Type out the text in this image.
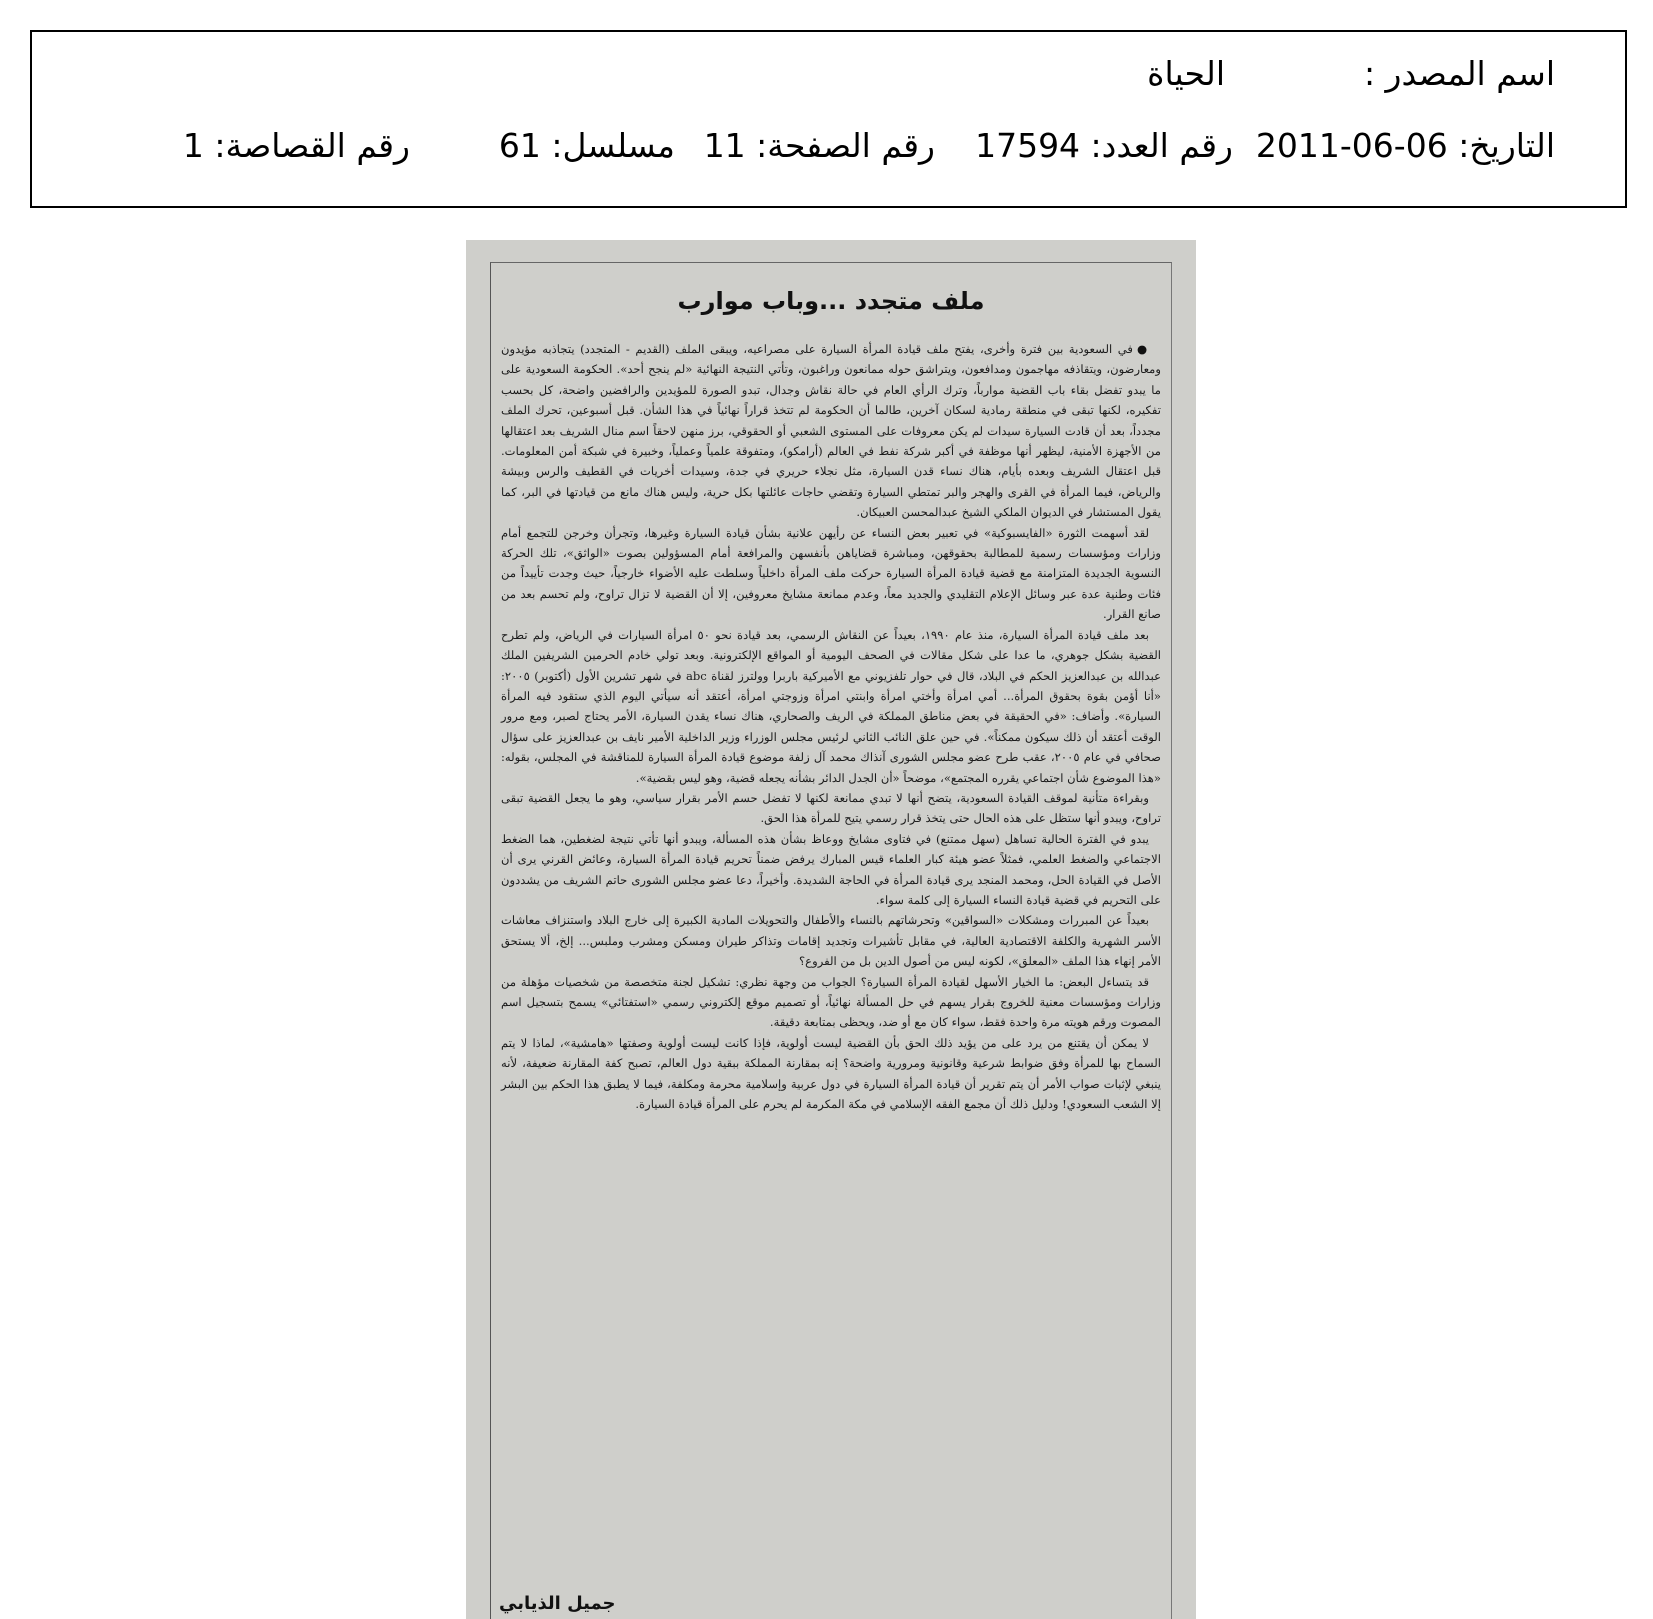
اسم المصدر :
الحياة
التاريخ: 06-06-2011
رقم العدد: 17594
رقم الصفحة: 11
مسلسل: 61
رقم القصاصة: 1
ملف متجدد ...وباب موارب

●في السعودية بين فترة وأخرى، يفتح ملف قيادة المرأة السيارة على مصراعيه، ويبقى الملف (القديم - المتجدد) يتجاذبه مؤيدون ومعارضون، ويتقاذفه مهاجمون ومدافعون، ويتراشق حوله ممانعون وراغبون، وتأتي النتيجة النهائية «لم ينجح أحد». الحكومة السعودية على ما يبدو تفضل بقاء باب القضية موارباً، وترك الرأي العام في حالة نقاش وجدال، تبدو الصورة للمؤيدين والرافضين واضحة، كل بحسب تفكيره، لكنها تبقى في منطقة رمادية لسكان آخرين، طالما أن الحكومة لم تتخذ قراراً نهائياً في هذا الشأن. قبل أسبوعين، تحرك الملف مجدداً، بعد أن قادت السيارة سيدات لم يكن معروفات على المستوى الشعبي أو الحقوقي، برز منهن لاحقاً اسم منال الشريف بعد اعتقالها من الأجهزة الأمنية، ليظهر أنها موظفة في أكبر شركة نفط في العالم (أرامكو)، ومتفوقة علمياً وعملياً، وخبيرة في شبكة أمن المعلومات. قبل اعتقال الشريف وبعده بأيام، هناك نساء قدن السيارة، مثل نجلاء حريري في جدة، وسيدات أخريات في القطيف والرس وبيشة والرياض، فيما المرأة في القرى والهجر والبر تمتطي السيارة وتقضي حاجات عائلتها بكل حرية، وليس هناك مانع من قيادتها في البر، كما يقول المستشار في الديوان الملكي الشيخ عبدالمحسن العبيكان.

لقد أسهمت الثورة «الفايسبوكية» في تعبير بعض النساء عن رأيهن علانية بشأن قيادة السيارة وغيرها، وتجرأن وخرجن للتجمع أمام وزارات ومؤسسات رسمية للمطالبة بحقوقهن، ومباشرة قضاياهن بأنفسهن والمرافعة أمام المسؤولين بصوت «الواثق»، تلك الحركة النسوية الجديدة المتزامنة مع قضية قيادة المرأة السيارة حركت ملف المرأة داخلياً وسلطت عليه الأضواء خارجياً، حيث وجدت تأييداً من فئات وطنية عدة عبر وسائل الإعلام التقليدي والجديد معاً، وعدم ممانعة مشايخ معروفين، إلا أن القضية لا تزال تراوح، ولم تحسم بعد من صانع القرار.

بعد ملف قيادة المرأة السيارة، منذ عام ١٩٩٠، بعيداً عن النقاش الرسمي، بعد قيادة نحو ٥٠ امرأة السيارات في الرياض، ولم تطرح القضية بشكل جوهري، ما عدا على شكل مقالات في الصحف اليومية أو المواقع الإلكترونية. وبعد تولي خادم الحرمين الشريفين الملك عبدالله بن عبدالعزيز الحكم في البلاد، قال في حوار تلفزيوني مع الأميركية باربرا وولترز لقناة abc في شهر تشرين الأول (أكتوبر) ٢٠٠٥: «أنا أؤمن بقوة بحقوق المرأة... أمي امرأة وأختي امرأة وابنتي امرأة وزوجتي امرأة، أعتقد أنه سيأتي اليوم الذي ستقود فيه المرأة السيارة». وأضاف: «في الحقيقة في بعض مناطق المملكة في الريف والصحاري، هناك نساء يقدن السيارة، الأمر يحتاج لصبر، ومع مرور الوقت أعتقد أن ذلك سيكون ممكناً». في حين علق النائب الثاني لرئيس مجلس الوزراء وزير الداخلية الأمير نايف بن عبدالعزيز على سؤال صحافي في عام ٢٠٠٥، عقب طرح عضو مجلس الشورى آنذاك محمد آل زلفة موضوع قيادة المرأة السيارة للمناقشة في المجلس، بقوله: «هذا الموضوع شأن اجتماعي يقرره المجتمع»، موضحاً «أن الجدل الدائر بشأنه يجعله قضية، وهو ليس بقضية».

وبقراءة متأنية لموقف القيادة السعودية، يتضح أنها لا تبدي ممانعة لكنها لا تفضل حسم الأمر بقرار سياسي، وهو ما يجعل القضية تبقى تراوح، ويبدو أنها ستظل على هذه الحال حتى يتخذ قرار رسمي يتيح للمرأة هذا الحق.

يبدو في الفترة الحالية تساهل (سهل ممتنع) في فتاوى مشايخ ووعاظ بشأن هذه المسألة، ويبدو أنها تأتي نتيجة لضغطين، هما الضغط الاجتماعي والضغط العلمي، فمثلاً عضو هيئة كبار العلماء قيس المبارك يرفض ضمناً تحريم قيادة المرأة السيارة، وعائض القرني يرى أن الأصل في القيادة الحل، ومحمد المنجد يرى قيادة المرأة في الحاجة الشديدة. وأخيراً، دعا عضو مجلس الشورى حاتم الشريف من يشددون على التحريم في قضية قيادة النساء السيارة إلى كلمة سواء.

بعيداً عن المبررات ومشكلات «السواقين» وتحرشاتهم بالنساء والأطفال والتحويلات المادية الكبيرة إلى خارج البلاد واستنزاف معاشات الأسر الشهرية والكلفة الاقتصادية العالية، في مقابل تأشيرات وتجديد إقامات وتذاكر طيران ومسكن ومشرب وملبس... إلخ، ألا يستحق الأمر إنهاء هذا الملف «المعلق»، لكونه ليس من أصول الدين بل من الفروع؟

قد يتساءل البعض: ما الخيار الأسهل لقيادة المرأة السيارة؟ الجواب من وجهة نظري: تشكيل لجنة متخصصة من شخصيات مؤهلة من وزارات ومؤسسات معنية للخروج بقرار يسهم في حل المسألة نهائياً، أو تصميم موقع إلكتروني رسمي «استفتائي» يسمح بتسجيل اسم المصوت ورقم هويته مرة واحدة فقط، سواء كان مع أو ضد، ويحظى بمتابعة دقيقة.

لا يمكن أن يقتنع من يرد على من يؤيد ذلك الحق بأن القضية ليست أولوية، فإذا كانت ليست أولوية وصفتها «هامشية»، لماذا لا يتم السماح بها للمرأة وفق ضوابط شرعية وقانونية ومرورية واضحة؟ إنه بمقارنة المملكة ببقية دول العالم، تصبح كفة المقارنة ضعيفة، لأنه ينبغي لإثبات صواب الأمر أن يتم تقرير أن قيادة المرأة السيارة في دول عربية وإسلامية محرمة ومكلفة، فيما لا يطبق هذا الحكم بين البشر إلا الشعب السعودي! ودليل ذلك أن مجمع الفقه الإسلامي في مكة المكرمة لم يحرم على المرأة قيادة السيارة.

جميل الذيابي
